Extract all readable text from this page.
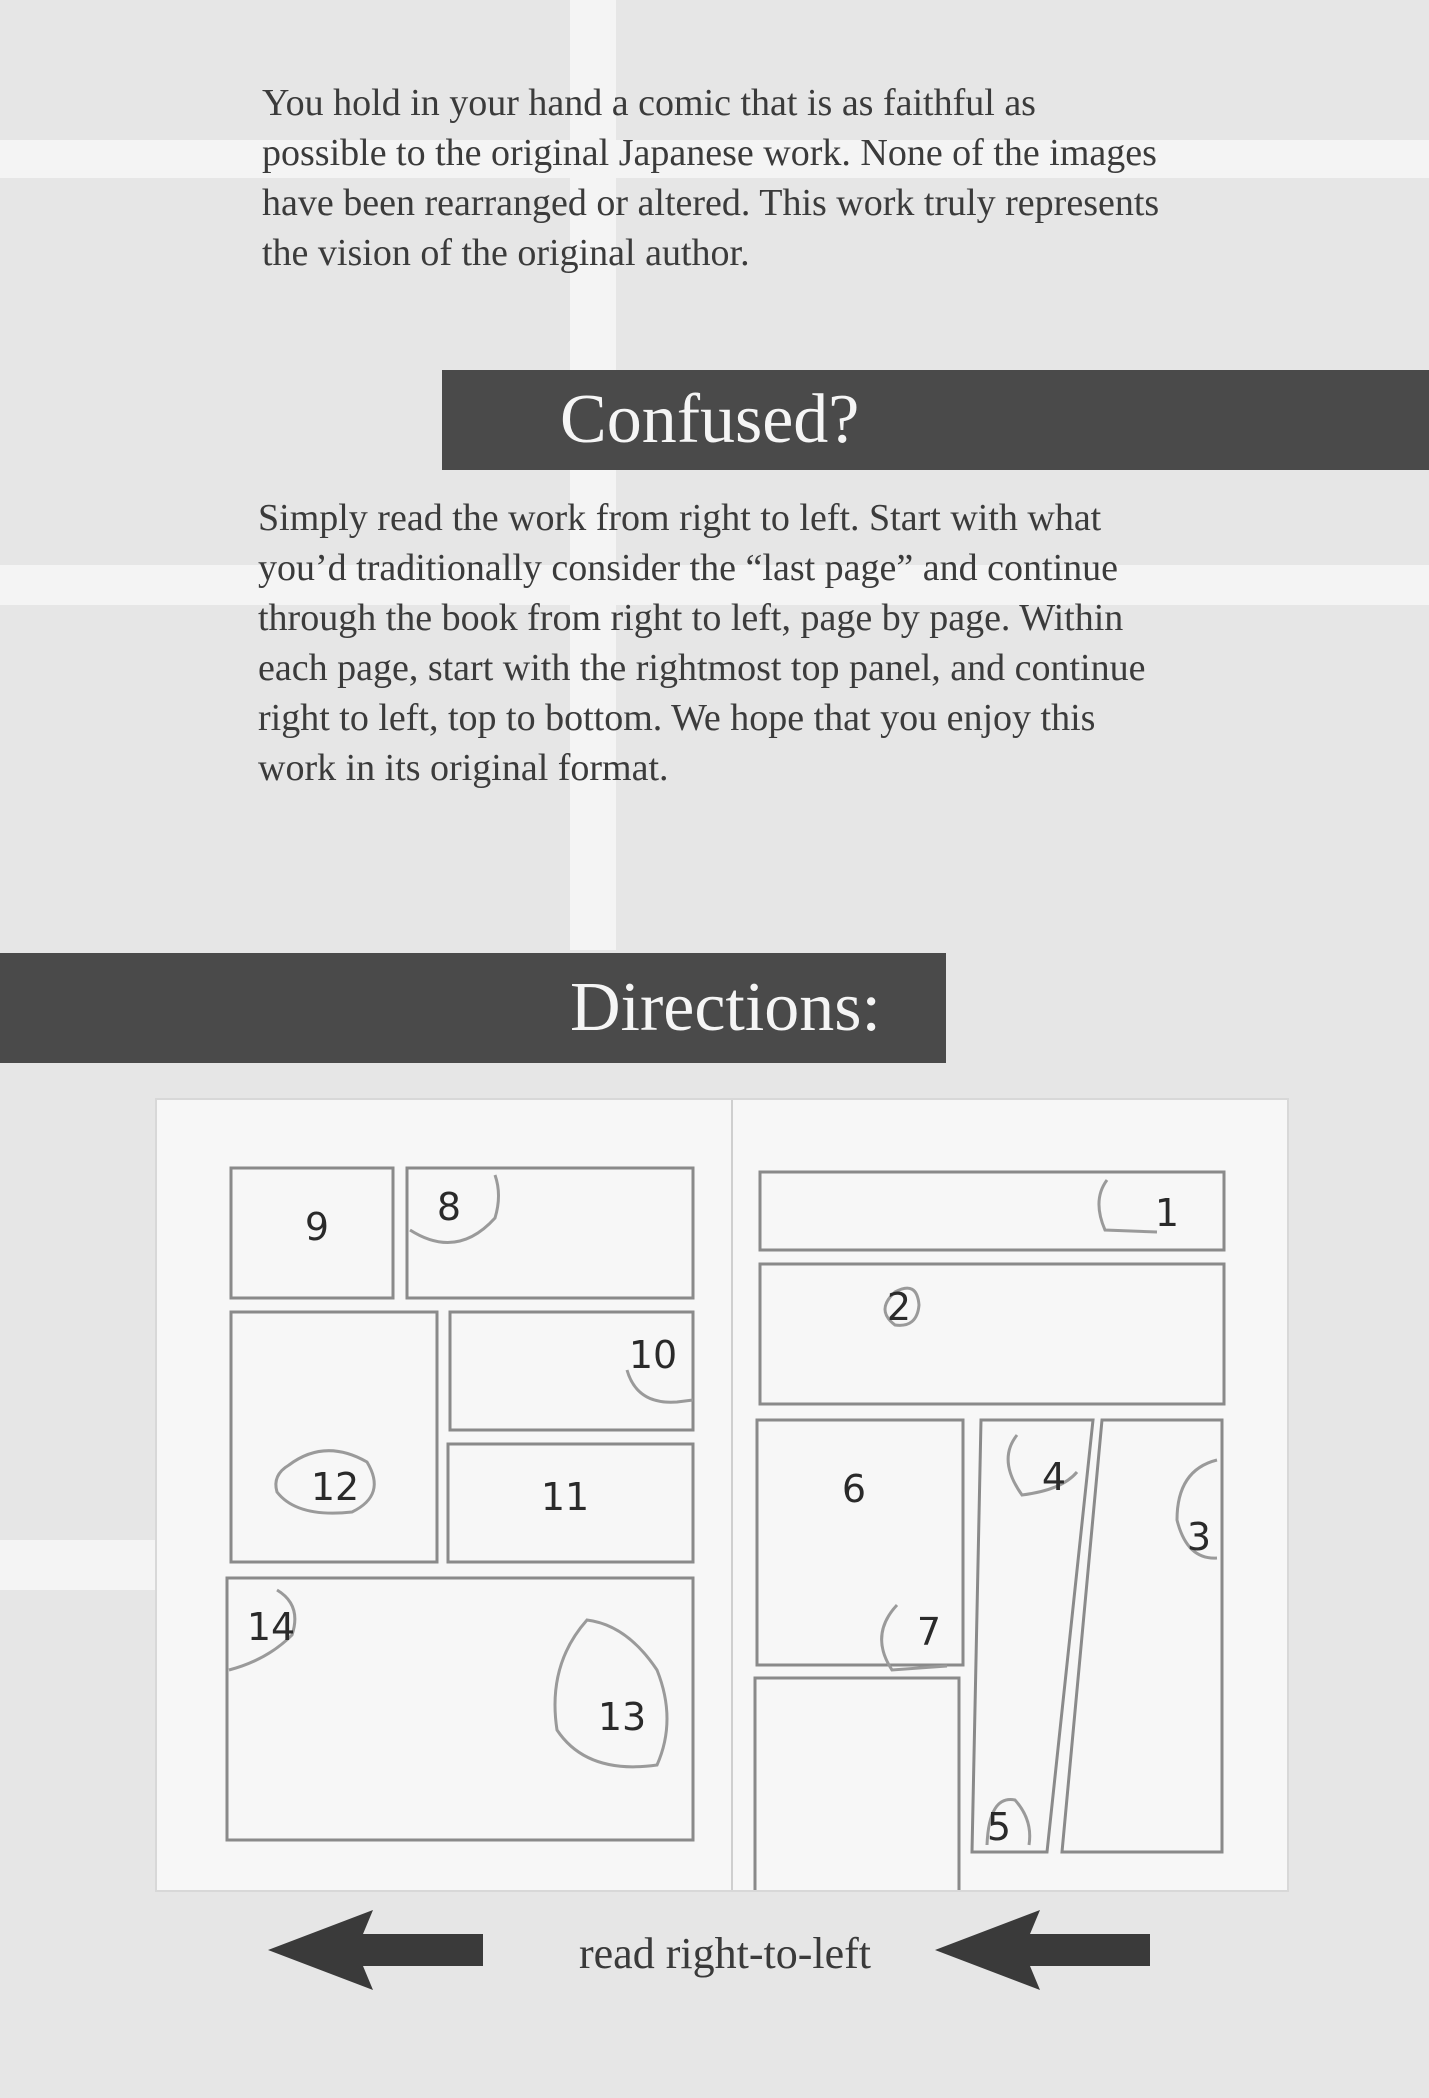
You hold in your hand a comic that is as faithful as possible to the original Japanese work. None of the images have been rearranged or altered. This work truly represents the vision of the original author.

Confused?

Simply read the work from right to left. Start with what you’d traditionally consider the “last page” and continue through the book from right to left, page by page. Within each page, start with the rightmost top panel, and continue right to left, top to bottom. We hope that you enjoy this work in its original format.

Directions:
1
2
3
4
5
6
7
8
9
10
11
12
13
14
read right-to-left
